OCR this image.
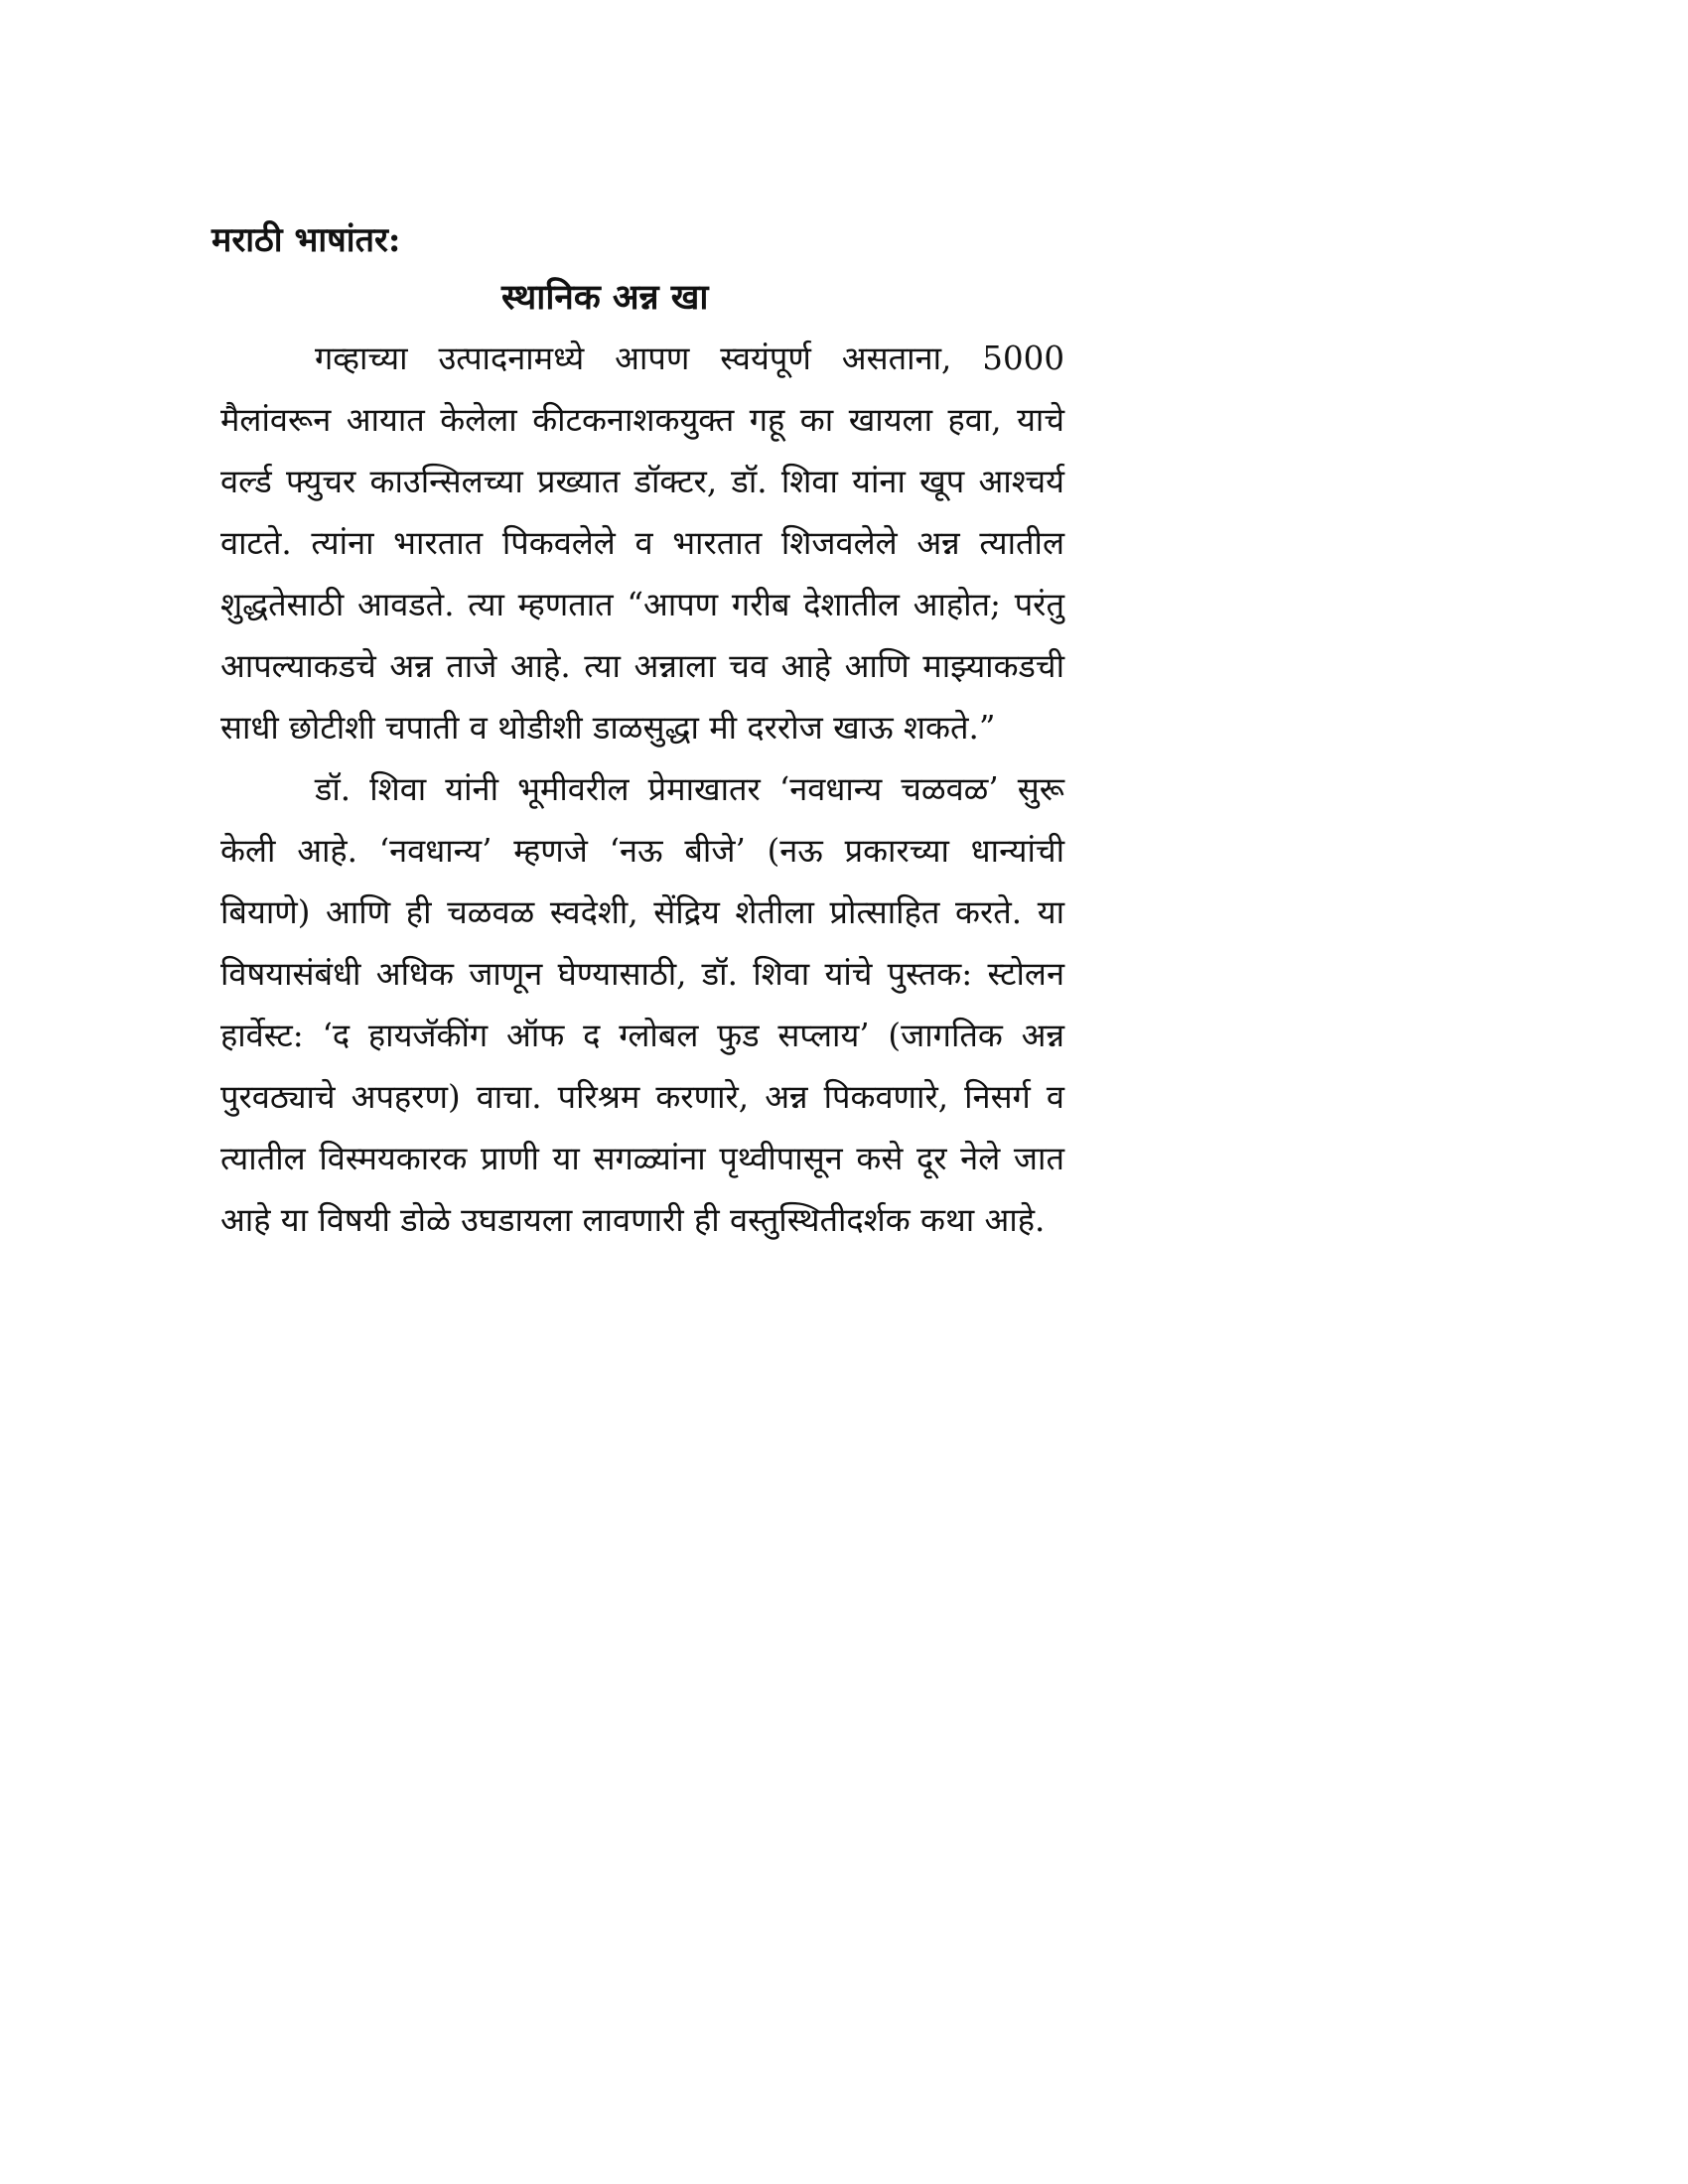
मराठी भाषांतर:
स्थानिक अन्न खा

गव्हाच्या उत्पादनामध्ये आपण स्वयंपूर्ण असताना, 5000 मैलांवरून आयात केलेला कीटकनाशकयुक्त गहू का खायला हवा, याचे वर्ल्ड फ्युचर काउन्सिलच्या प्रख्यात डॉक्टर, डॉ. शिवा यांना खूप आश्चर्य वाटते. त्यांना भारतात पिकवलेले व भारतात शिजवलेले अन्न त्यातील शुद्धतेसाठी आवडते. त्या म्हणतात “आपण गरीब देशातील आहोत; परंतु आपल्याकडचे अन्न ताजे आहे. त्या अन्नाला चव आहे आणि माझ्याकडची साधी छोटीशी चपाती व थोडीशी डाळसुद्धा मी दररोज खाऊ शकते.”

डॉ. शिवा यांनी भूमीवरील प्रेमाखातर ‘नवधान्य चळवळ’ सुरू केली आहे. ‘नवधान्य’ म्हणजे ‘नऊ बीजे’ (नऊ प्रकारच्या धान्यांची बियाणे) आणि ही चळवळ स्वदेशी, सेंद्रिय शेतीला प्रोत्साहित करते. या विषयासंबंधी अधिक जाणून घेण्यासाठी, डॉ. शिवा यांचे पुस्तक: स्टोलन हार्वेस्ट: ‘द हायजॅकींग ऑफ द ग्लोबल फुड सप्लाय’ (जागतिक अन्न पुरवठ्याचे अपहरण) वाचा. परिश्रम करणारे, अन्न पिकवणारे, निसर्ग व त्यातील विस्मयकारक प्राणी या सगळ्यांना पृथ्वीपासून कसे दूर नेले जात आहे या विषयी डोळे उघडायला लावणारी ही वस्तुस्थितीदर्शक कथा आहे.
